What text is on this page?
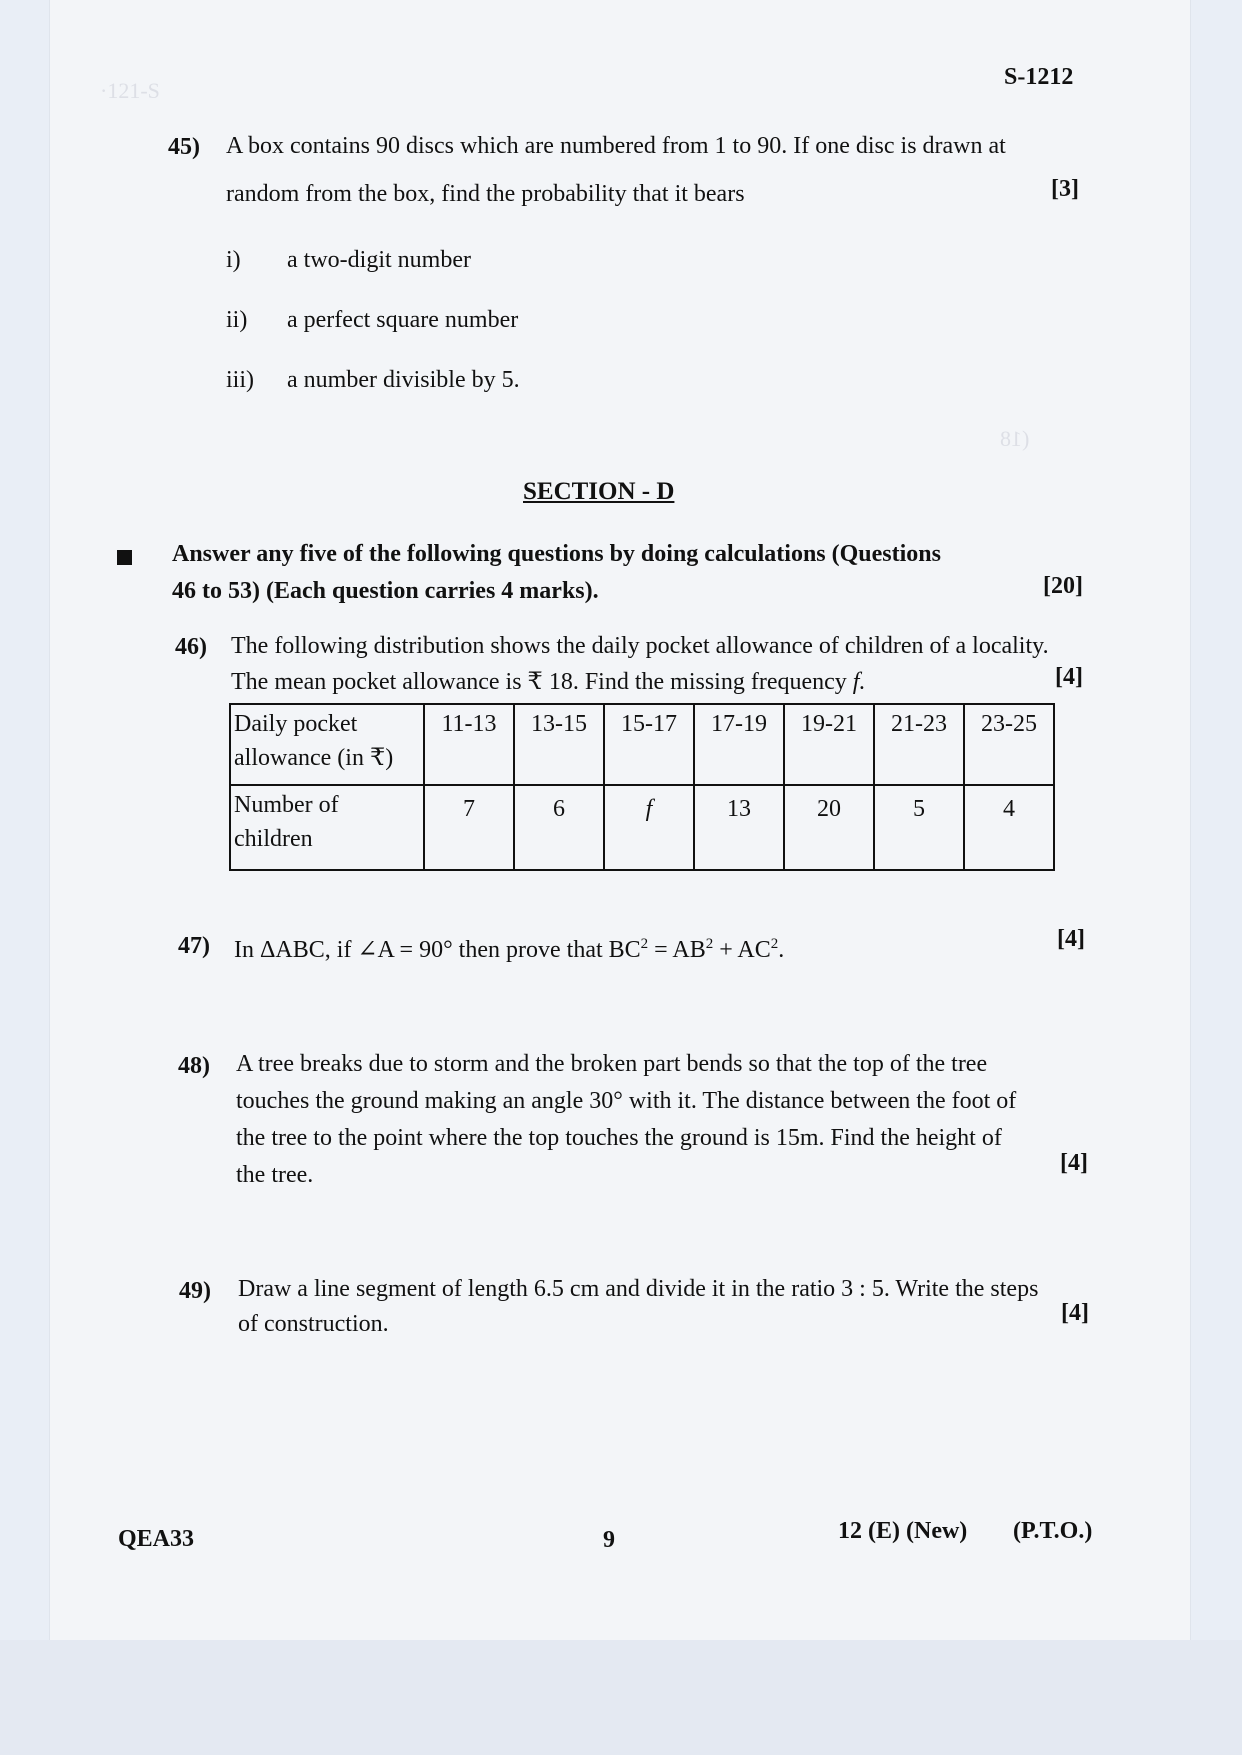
·121-S
(18
S-1212
45) A box contains 90 discs which are numbered from 1 to 90. If one disc is drawn at
random from the box, find the probability that it bears	[3]
i) a two-digit number
ii) a perfect square number
iii) a number divisible by 5.
SECTION - D
Answer any five of the following questions by doing calculations (Questions
46 to 53) (Each question carries 4 marks).	[20]
46) The following distribution shows the daily pocket allowance of children of a locality.
The mean pocket allowance is ₹ 18. Find the missing frequency f.	[4]
Daily pocket
allowance (in ₹)	11-13	13-15	15-17	17-19	19-21	21-23	23-25
Number of
children	7	6	f	13	20	5	4
47) In ΔABC, if ∠A = 90° then prove that $BC^2 = AB^2 + AC^2$.	[4]
48) A tree breaks due to storm and the broken part bends so that the top of the tree
touches the ground making an angle 30° with it. The distance between the foot of
the tree to the point where the top touches the ground is 15m. Find the height of
the tree.	[4]
49) Draw a line segment of length 6.5 cm and divide it in the ratio 3 : 5. Write the steps
of construction.	[4]
QEA33	9	12 (E) (New) (P.T.O.)
